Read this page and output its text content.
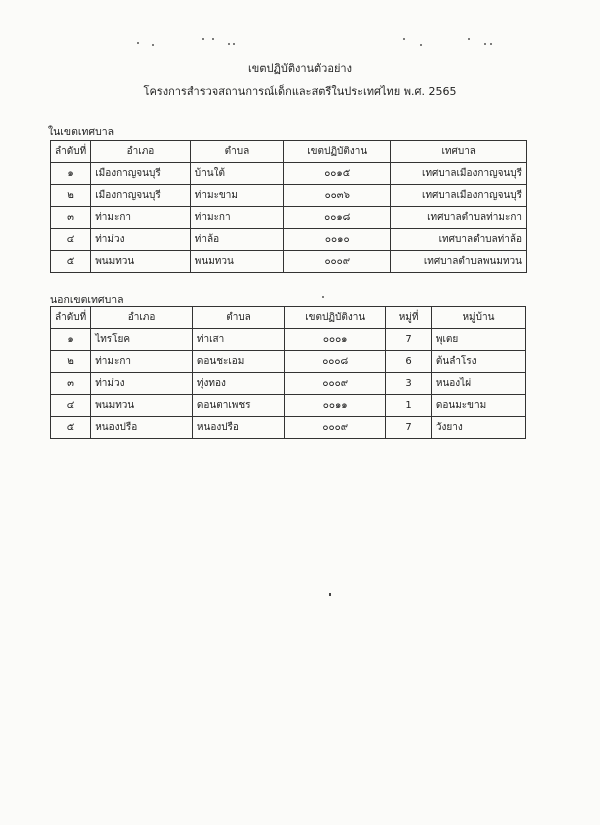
เขตปฏิบัติงานตัวอย่าง
โครงการสำรวจสถานการณ์เด็กและสตรีในประเทศไทย พ.ศ. 2565
ในเขตเทศบาล
ลำดับที่	อำเภอ	ตำบล	เขตปฏิบัติงาน	เทศบาล
๑	เมืองกาญจนบุรี	บ้านใต้	๐๐๑๕	เทศบาลเมืองกาญจนบุรี
๒	เมืองกาญจนบุรี	ท่ามะขาม	๐๐๓๖	เทศบาลเมืองกาญจนบุรี
๓	ท่ามะกา	ท่ามะกา	๐๐๑๘	เทศบาลตำบลท่ามะกา
๔	ท่าม่วง	ท่าล้อ	๐๐๑๐	เทศบาลตำบลท่าล้อ
๕	พนมทวน	พนมทวน	๐๐๐๙	เทศบาลตำบลพนมทวน
นอกเขตเทศบาล
ลำดับที่	อำเภอ	ตำบล	เขตปฏิบัติงาน	หมู่ที่	หมู่บ้าน
๑	ไทรโยค	ท่าเสา	๐๐๐๑	7	พุเตย
๒	ท่ามะกา	ดอนชะเอม	๐๐๐๘	6	ต้นลำโรง
๓	ท่าม่วง	ทุ่งทอง	๐๐๐๙	3	หนองไผ่
๔	พนมทวน	ดอนตาเพชร	๐๐๑๑	1	ดอนมะขาม
๕	หนองปรือ	หนองปรือ	๐๐๐๙	7	วังยาง
